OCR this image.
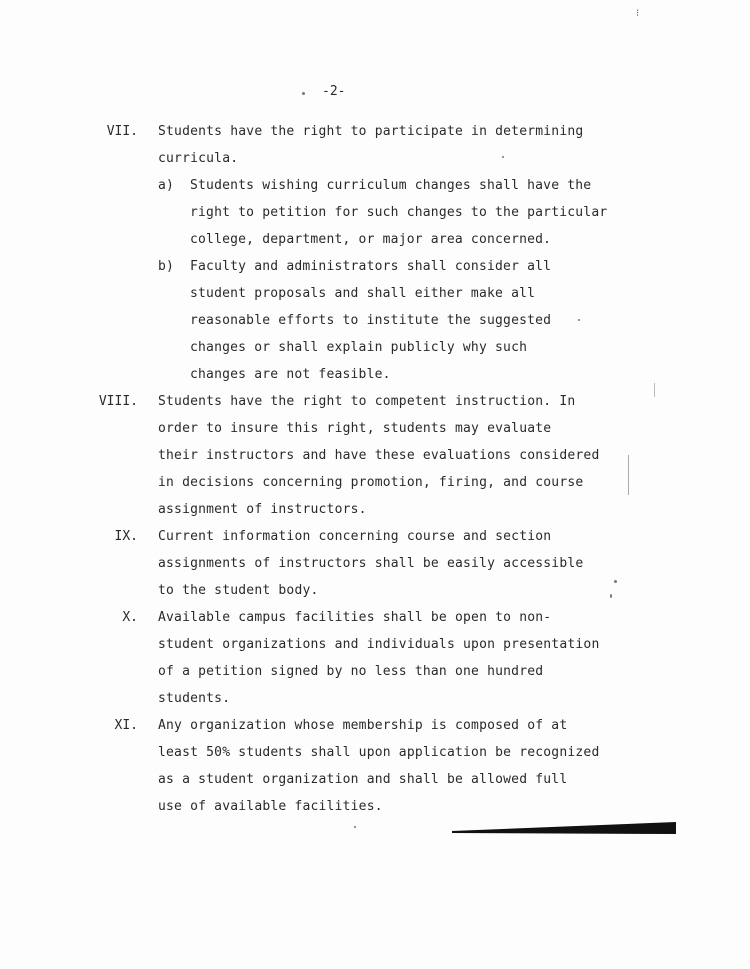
⁝
-2-
VII. Students have the right to participate in determining
curricula.
a) Students wishing curriculum changes shall have the
right to petition for such changes to the particular
college, department, or major area concerned.
b) Faculty and administrators shall consider all
student proposals and shall either make all
reasonable efforts to institute the suggested
changes or shall explain publicly why such
changes are not feasible.
VIII. Students have the right to competent instruction. In
order to insure this right, students may evaluate
their instructors and have these evaluations considered
in decisions concerning promotion, firing, and course
assignment of instructors.
IX. Current information concerning course and section
assignments of instructors shall be easily accessible
to the student body.
X. Available campus facilities shall be open to non-
student organizations and individuals upon presentation
of a petition signed by no less than one hundred
students.
XI. Any organization whose membership is composed of at
least 50% students shall upon application be recognized
as a student organization and shall be allowed full
use of available facilities.
